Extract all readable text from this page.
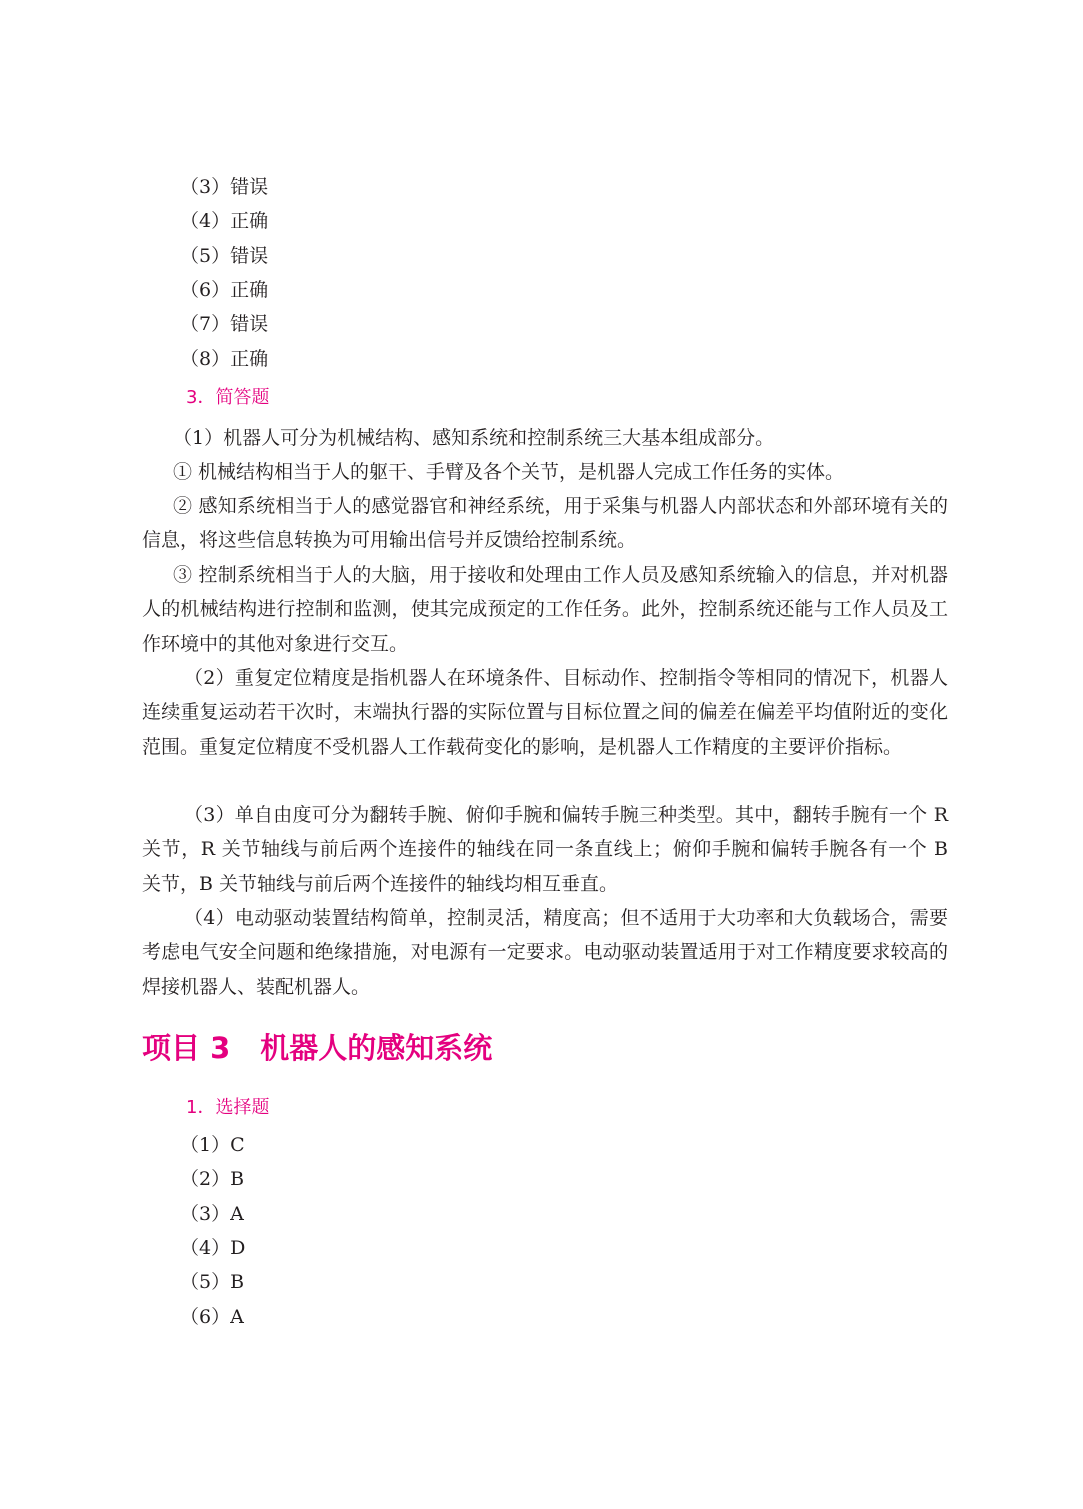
（3）错误
（4）正确
（5）错误
（6）正确
（7）错误
（8）正确
3．简答题
（1）机器人可分为机械结构、感知系统和控制系统三大基本组成部分。
① 机械结构相当于人的躯干、手臂及各个关节，是机器人完成工作任务的实体。
② 感知系统相当于人的感觉器官和神经系统，用于采集与机器人内部状态和外部环境有关的信息，将这些信息转换为可用输出信号并反馈给控制系统。
③ 控制系统相当于人的大脑，用于接收和处理由工作人员及感知系统输入的信息，并对机器人的机械结构进行控制和监测，使其完成预定的工作任务。此外，控制系统还能与工作人员及工作环境中的其他对象进行交互。
（2）重复定位精度是指机器人在环境条件、目标动作、控制指令等相同的情况下，机器人连续重复运动若干次时，末端执行器的实际位置与目标位置之间的偏差在偏差平均值附近的变化范围。重复定位精度不受机器人工作载荷变化的影响，是机器人工作精度的主要评价指标。
（3）单自由度可分为翻转手腕、俯仰手腕和偏转手腕三种类型。其中，翻转手腕有一个 R 关节，R 关节轴线与前后两个连接件的轴线在同一条直线上；俯仰手腕和偏转手腕各有一个 B 关节，B 关节轴线与前后两个连接件的轴线均相互垂直。
（4）电动驱动装置结构简单，控制灵活，精度高；但不适用于大功率和大负载场合，需要考虑电气安全问题和绝缘措施，对电源有一定要求。电动驱动装置适用于对工作精度要求较高的焊接机器人、装配机器人。
项目 3 机器人的感知系统
1．选择题
（1）C
（2）B
（3）A
（4）D
（5）B
（6）A
